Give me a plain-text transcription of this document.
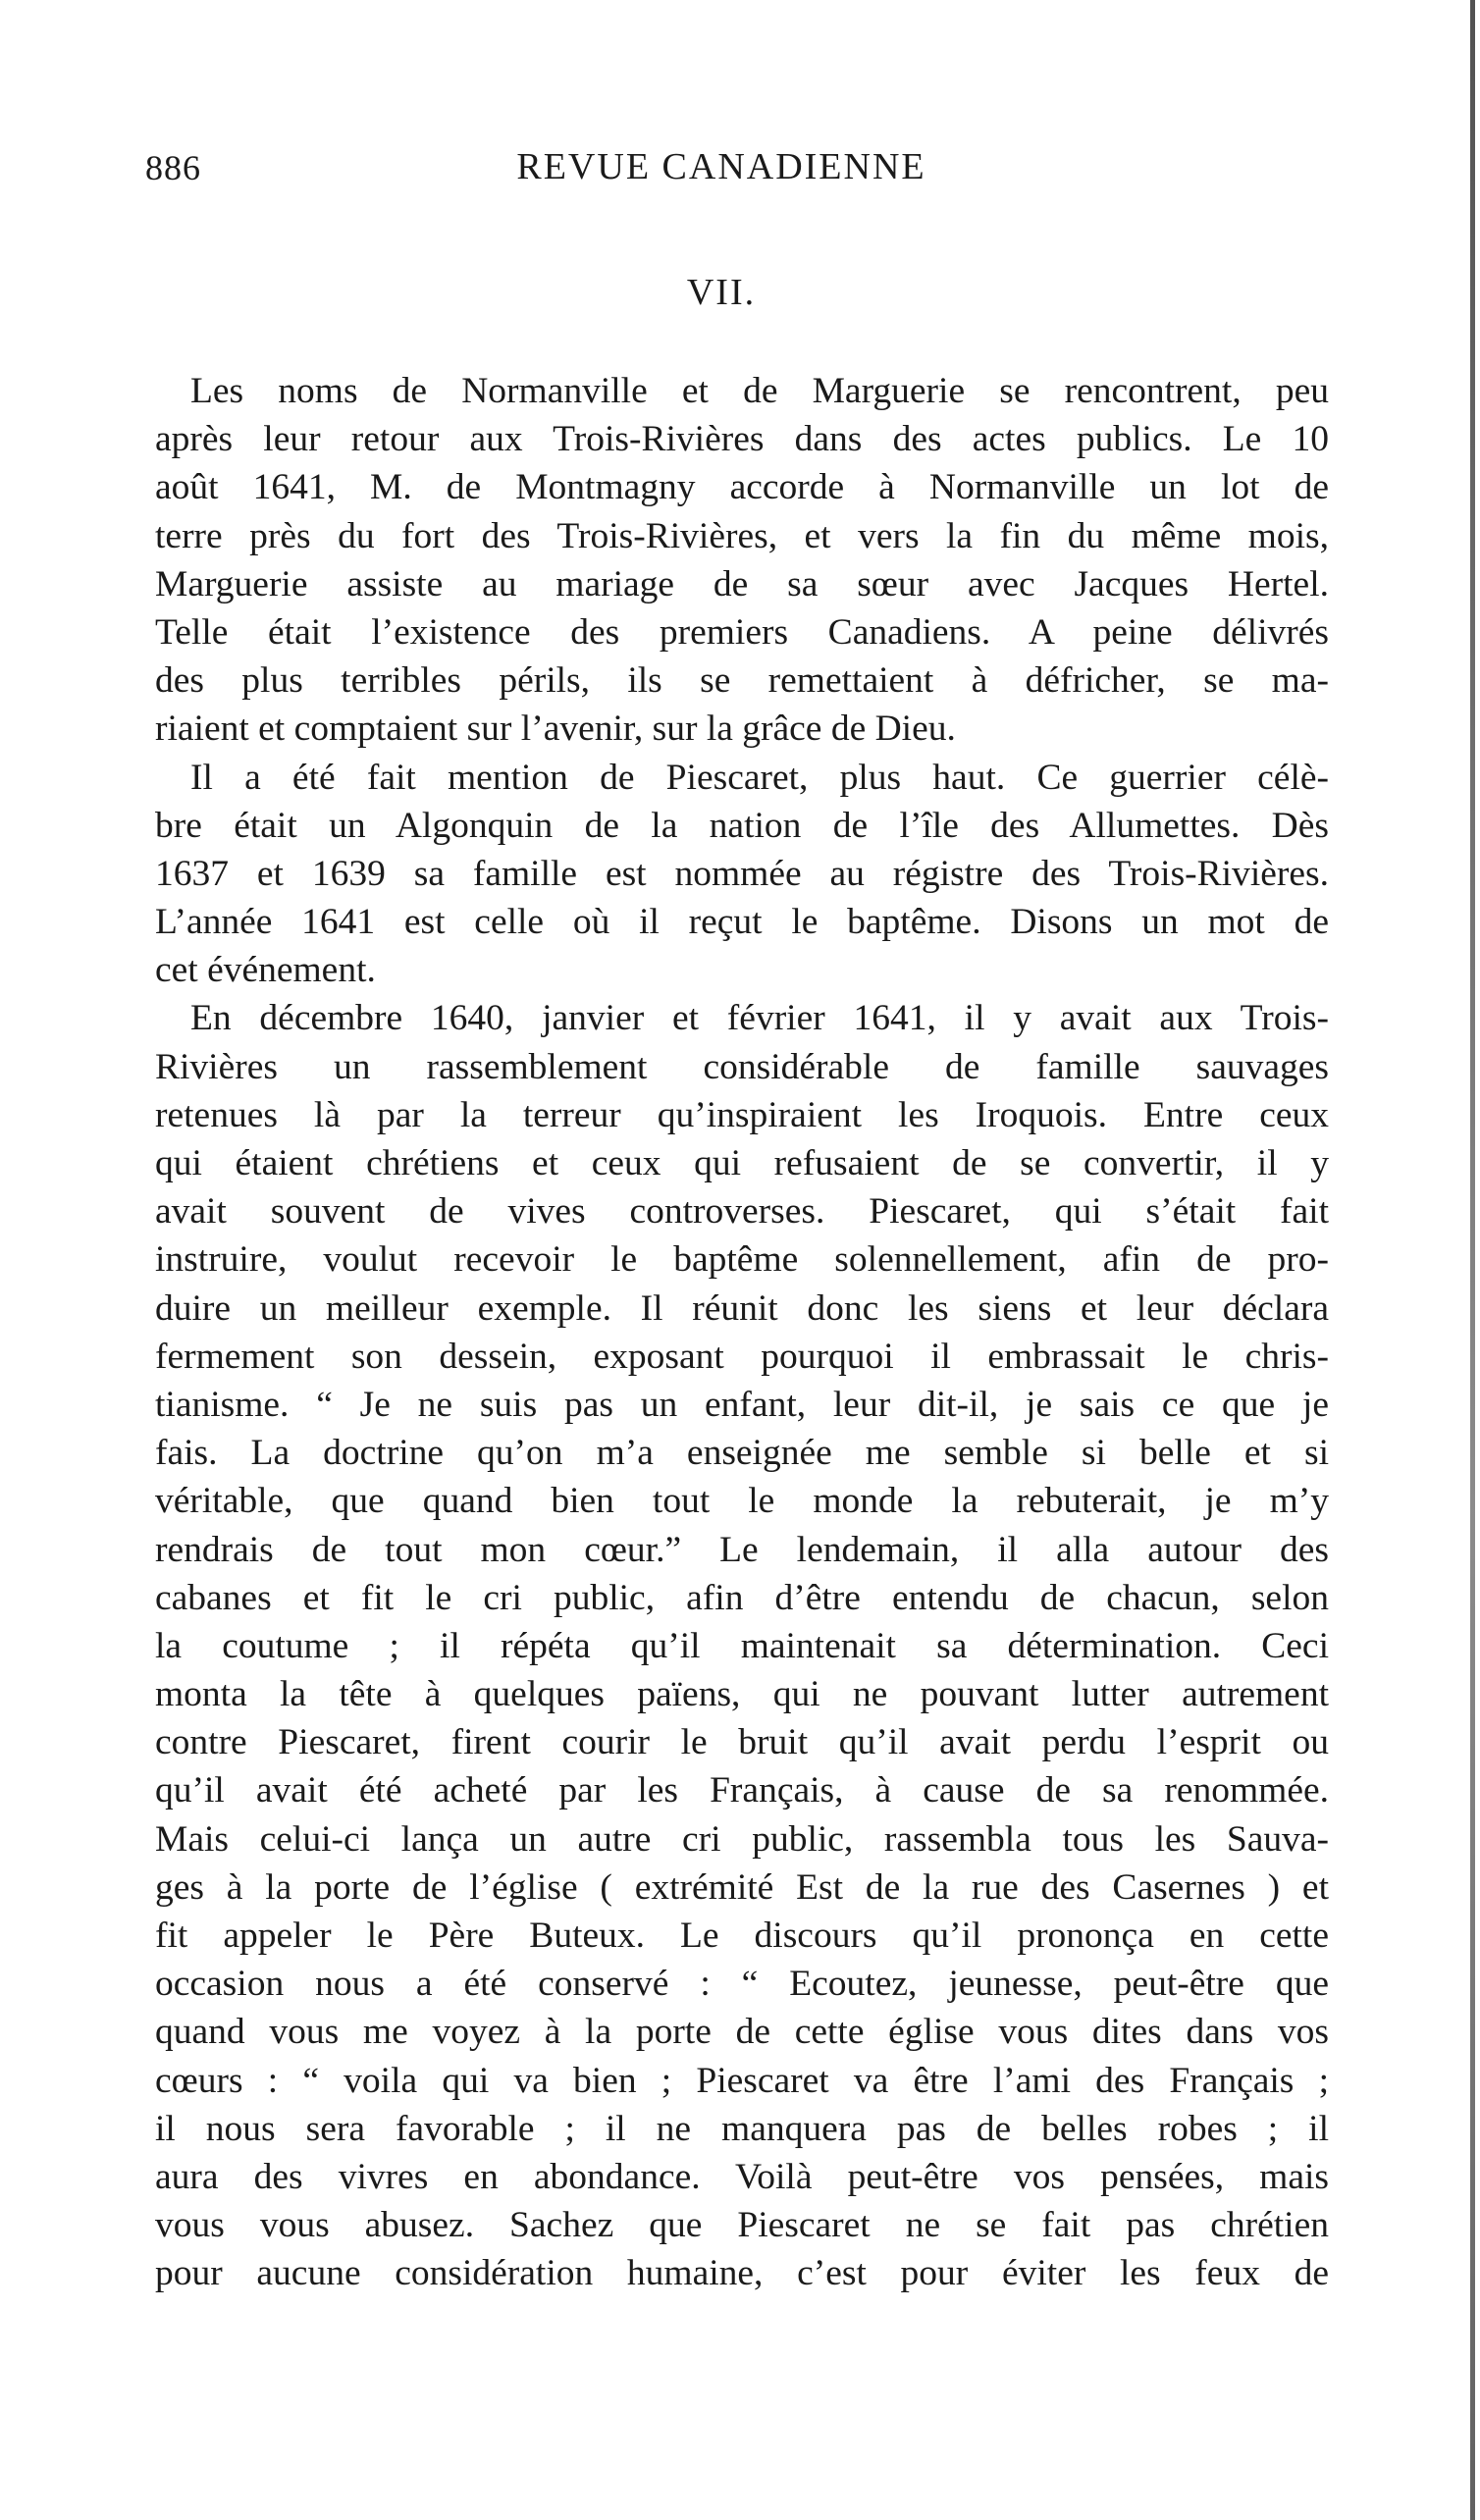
886	REVUE CANADIENNE
VII.
Les noms de Normanville et de Marguerie se rencontrent, peu
après leur retour aux Trois-Rivières dans des actes publics. Le 10
août 1641, M. de Montmagny accorde à Normanville un lot de
terre près du fort des Trois-Rivières, et vers la fin du même mois,
Marguerie assiste au mariage de sa sœur avec Jacques Hertel.
Telle était l’existence des premiers Canadiens. A peine délivrés
des plus terribles périls, ils se remettaient à défricher, se ma-
riaient et comptaient sur l’avenir, sur la grâce de Dieu.
Il a été fait mention de Piescaret, plus haut. Ce guerrier célè-
bre était un Algonquin de la nation de l’île des Allumettes. Dès
1637 et 1639 sa famille est nommée au régistre des Trois-Rivières.
L’année 1641 est celle où il reçut le baptême. Disons un mot de
cet événement.
En décembre 1640, janvier et février 1641, il y avait aux Trois-
Rivières un rassemblement considérable de famille sauvages
retenues là par la terreur qu’inspiraient les Iroquois. Entre ceux
qui étaient chrétiens et ceux qui refusaient de se convertir, il y
avait souvent de vives controverses. Piescaret, qui s’était fait
instruire, voulut recevoir le baptême solennellement, afin de pro-
duire un meilleur exemple. Il réunit donc les siens et leur déclara
fermement son dessein, exposant pourquoi il embrassait le chris-
tianisme. “ Je ne suis pas un enfant, leur dit-il, je sais ce que je
fais. La doctrine qu’on m’a enseignée me semble si belle et si
véritable, que quand bien tout le monde la rebuterait, je m’y
rendrais de tout mon cœur.” Le lendemain, il alla autour des
cabanes et fit le cri public, afin d’être entendu de chacun, selon
la coutume ; il répéta qu’il maintenait sa détermination. Ceci
monta la tête à quelques païens, qui ne pouvant lutter autrement
contre Piescaret, firent courir le bruit qu’il avait perdu l’esprit ou
qu’il avait été acheté par les Français, à cause de sa renommée.
Mais celui-ci lança un autre cri public, rassembla tous les Sauva-
ges à la porte de l’église ( extrémité Est de la rue des Casernes ) et
fit appeler le Père Buteux. Le discours qu’il prononça en cette
occasion nous a été conservé : “ Ecoutez, jeunesse, peut-être que
quand vous me voyez à la porte de cette église vous dites dans vos
cœurs : “ voila qui va bien ; Piescaret va être l’ami des Français ;
il nous sera favorable ; il ne manquera pas de belles robes ; il
aura des vivres en abondance. Voilà peut-être vos pensées, mais
vous vous abusez. Sachez que Piescaret ne se fait pas chrétien
pour aucune considération humaine, c’est pour éviter les feux de
